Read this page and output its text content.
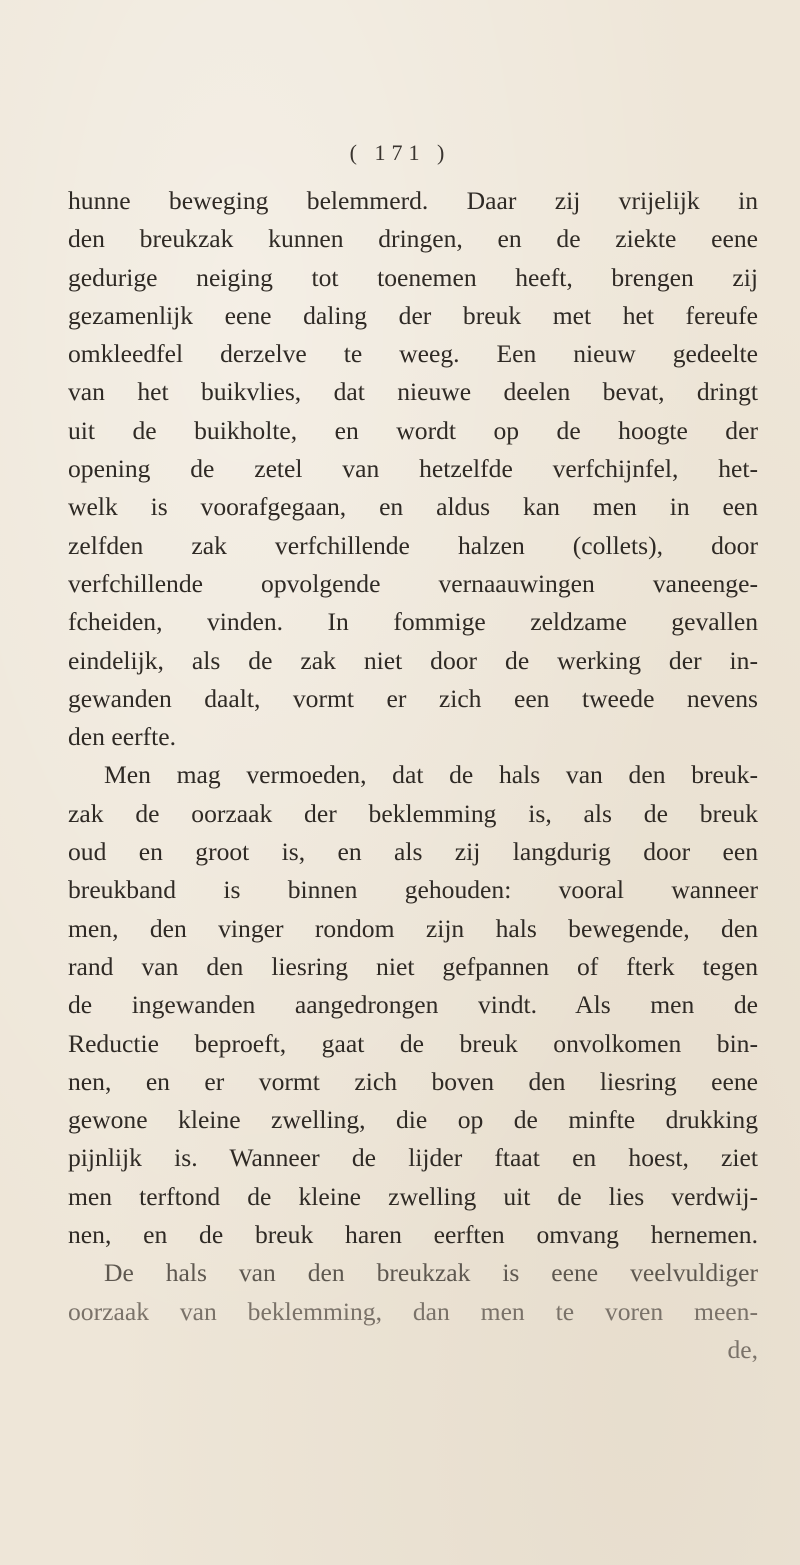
( 171 )
hunne beweging belemmerd. Daar zij vrijelijk in
den breukzak kunnen dringen, en de ziekte eene
gedurige neiging tot toenemen heeft, brengen zij
gezamenlijk eene daling der breuk met het fereufe
omkleedfel derzelve te weeg. Een nieuw gedeelte
van het buikvlies, dat nieuwe deelen bevat, dringt
uit de buikholte, en wordt op de hoogte der
opening de zetel van hetzelfde verfchijnfel, het-
welk is voorafgegaan, en aldus kan men in een
zelfden zak verfchillende halzen (collets), door
verfchillende opvolgende vernaauwingen vaneenge-
fcheiden, vinden. In fommige zeldzame gevallen
eindelijk, als de zak niet door de werking der in-
gewanden daalt, vormt er zich een tweede nevens
den eerfte.
Men mag vermoeden, dat de hals van den breuk-
zak de oorzaak der beklemming is, als de breuk
oud en groot is, en als zij langdurig door een
breukband is binnen gehouden: vooral wanneer
men, den vinger rondom zijn hals bewegende, den
rand van den liesring niet gefpannen of fterk tegen
de ingewanden aangedrongen vindt. Als men de
Reductie beproeft, gaat de breuk onvolkomen bin-
nen, en er vormt zich boven den liesring eene
gewone kleine zwelling, die op de minfte drukking
pijnlijk is. Wanneer de lijder ftaat en hoest, ziet
men terftond de kleine zwelling uit de lies verdwij-
nen, en de breuk haren eerften omvang hernemen.
De hals van den breukzak is eene veelvuldiger
oorzaak van beklemming, dan men te voren meen-
de,
